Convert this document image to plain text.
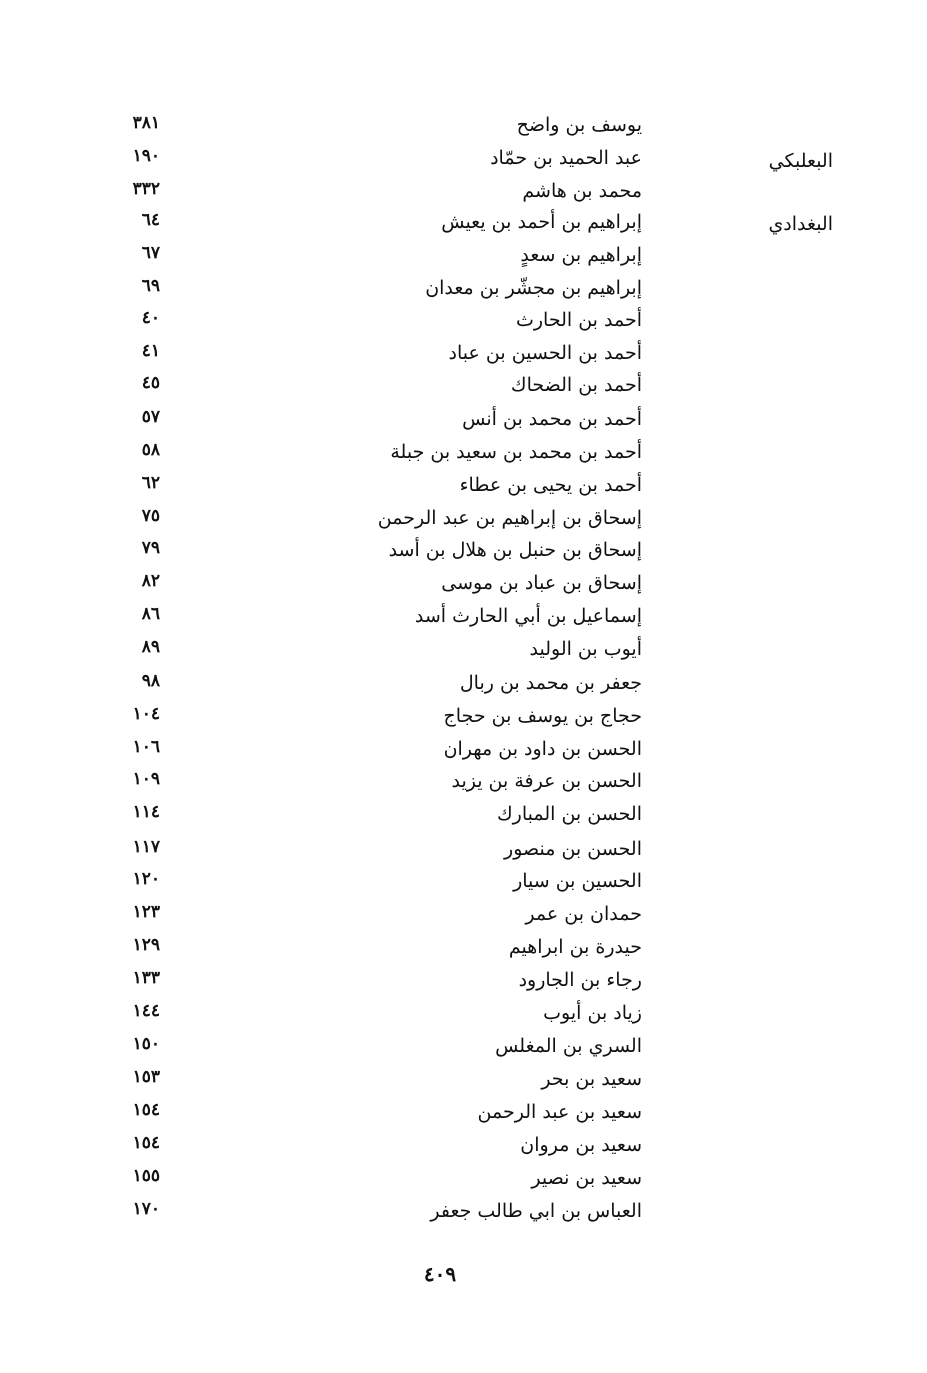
البعلبكي
البغدادي
يوسف بن واضح
٣٨١
عبد الحميد بن حمّاد
١٩٠
محمد بن هاشم
٣٣٢
إبراهيم بن أحمد بن يعيش
٦٤
إبراهيم بن سعدٍ
٦٧
إبراهيم بن مجشّر بن معدان
٦٩
أحمد بن الحارث
٤٠
أحمد بن الحسين بن عباد
٤١
أحمد بن الضحاك
٤٥
أحمد بن محمد بن أنس
٥٧
أحمد بن محمد بن سعيد بن جبلة
٥٨
أحمد بن يحيى بن عطاء
٦٢
إسحاق بن إبراهيم بن عبد الرحمن
٧٥
إسحاق بن حنبل بن هلال بن أسد
٧٩
إسحاق بن عباد بن موسى
٨٢
إسماعيل بن أبي الحارث أسد
٨٦
أيوب بن الوليد
٨٩
جعفر بن محمد بن ربال
٩٨
حجاج بن يوسف بن حجاج
١٠٤
الحسن بن داود بن مهران
١٠٦
الحسن بن عرفة بن يزيد
١٠٩
الحسن بن المبارك
١١٤
الحسن بن منصور
١١٧
الحسين بن سيار
١٢٠
حمدان بن عمر
١٢٣
حيدرة بن ابراهيم
١٢٩
رجاء بن الجارود
١٣٣
زياد بن أيوب
١٤٤
السري بن المغلس
١٥٠
سعيد بن بحر
١٥٣
سعيد بن عبد الرحمن
١٥٤
سعيد بن مروان
١٥٤
سعيد بن نصير
١٥٥
العباس بن ابي طالب جعفر
١٧٠
٤٠٩
